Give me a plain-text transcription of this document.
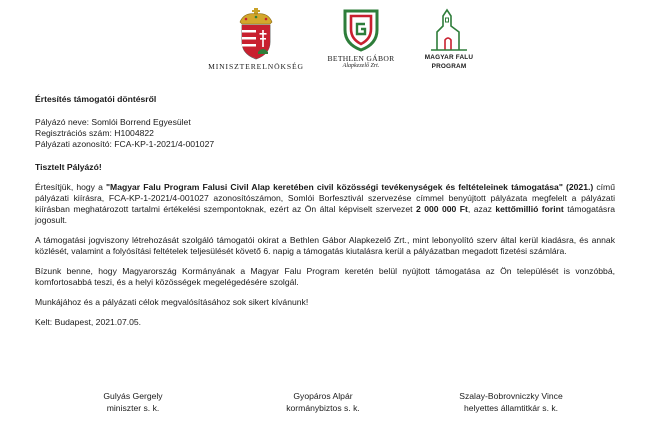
MINISZTERELNÖKSÉG
BETHLEN GÁBOR
Alapkezelő Zrt.
MAGYAR FALU
PROGRAM

Értesítés támogatói döntésről

Pályázó neve: Somlói Borrend Egyesület

Regisztrációs szám: H1004822

Pályázati azonosító: FCA-KP-1-2021/4-001027

Tisztelt Pályázó!

Értesítjük, hogy a "Magyar Falu Program Falusi Civil Alap keretében civil közösségi tevékenységek és feltételeinek támogatása" (2021.) című pályázati kiírásra, FCA-KP-1-2021/4-001027 azonosítószámon, Somlói Borfesztivál szervezése címmel benyújtott pályázata megfelelt a pályázati kiírásban meghatározott tartalmi értékelési szempontoknak, ezért az Ön által képviselt szervezet 2 000 000 Ft, azaz kettőmillió forint támogatásra jogosult.

A támogatási jogviszony létrehozását szolgáló támogatói okirat a Bethlen Gábor Alapkezelő Zrt., mint lebonyolító szerv által kerül kiadásra, és annak közlését, valamint a folyósítási feltételek teljesülését követő 6. napig a támogatás kiutalásra kerül a pályázatban megadott fizetési számlára.

Bízunk benne, hogy Magyarország Kormányának a Magyar Falu Program keretén belül nyújtott támogatása az Ön települését is vonzóbbá, komfortosabbá teszi, és a helyi közösségek megelégedésére szolgál.

Munkájához és a pályázati célok megvalósításához sok sikert kívánunk!

Kelt: Budapest, 2021.07.05.

Gulyás Gergely
miniszter s. k.
Gyopáros Alpár
kormánybiztos s. k.
Szalay-Bobrovniczky Vince
helyettes államtitkár s. k.
